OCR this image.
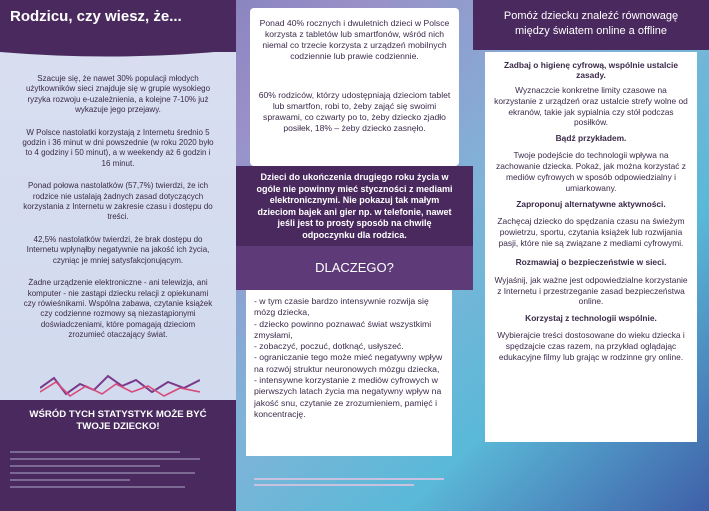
Rodzicu, czy wiesz, że...

Szacuje się, że nawet 30% populacji młodych użytkowników sieci znajduje się w grupie wysokiego ryzyka rozwoju e-uzależnienia, a kolejne 7-10% już wykazuje jego przejawy.

W Polsce nastolatki korzystają z Internetu średnio 5 godzin i 36 minut w dni powszednie (w roku 2020 było to 4 godziny i 50 minut), a w weekendy aż 6 godzin i 16 minut.

Ponad połowa nastolatków (57,7%) twierdzi, że ich rodzice nie ustalają żadnych zasad dotyczących korzystania z Internetu w zakresie czasu i dostępu do treści.

42,5% nastolatków twierdzi, że brak dostępu do Internetu wpłynąłby negatywnie na jakość ich życia, czyniąc je mniej satysfakcjonującym.

Żadne urządzenie elektroniczne - ani telewizja, ani komputer - nie zastąpi dziecku relacji z opiekunami czy rówieśnikami. Wspólna zabawa, czytanie książek czy codzienne rozmowy są niezastąpionymi doświadczeniami, które pomagają dzieciom zrozumieć otaczający świat.

WŚRÓD TYCH STATYSTYK MOŻE BYĆ TWOJE DZIECKO!
Ponad 40% rocznych i dwuletnich dzieci w Polsce korzysta z tabletów lub smartfonów, wśród nich niemal co trzecie korzysta z urządzeń mobilnych codziennie lub prawie codziennie.
60% rodziców, którzy udostępniają dzieciom tablet lub smartfon, robi to, żeby zająć się swoimi sprawami, co czwarty po to, żeby dziecko zjadło posiłek, 18% – żeby dziecko zasnęło.
Dzieci do ukończenia drugiego roku życia w ogóle nie powinny mieć styczności z mediami elektronicznymi. Nie pokazuj tak małym dzieciom bajek ani gier np. w telefonie, nawet jeśli jest to prosty sposób na chwilę odpoczynku dla rodzica.
DLACZEGO?
- w tym czasie bardzo intensywnie rozwija się mózg dziecka,
- dziecko powinno poznawać świat wszystkimi zmysłami,
- zobaczyć, poczuć, dotknąć, usłyszeć.
- ograniczanie tego może mieć negatywny wpływ na rozwój struktur neuronowych mózgu dziecka,
- intensywne korzystanie z mediów cyfrowych w pierwszych latach życia ma negatywny wpływ na jakość snu, czytanie ze zrozumieniem, pamięć i koncentrację.
Pomóż dziecku znaleźć równowagę między światem online a offline
Zadbaj o higienę cyfrową, wspólnie ustalcie zasady.
Wyznaczcie konkretne limity czasowe na korzystanie z urządzeń oraz ustalcie strefy wolne od ekranów, takie jak sypialnia czy stół podczas posiłków.
Bądź przykładem.
Twoje podejście do technologii wpływa na zachowanie dziecka. Pokaż, jak można korzystać z mediów cyfrowych w sposób odpowiedzialny i umiarkowany.
Zaproponuj alternatywne aktywności.
Zachęcaj dziecko do spędzania czasu na świeżym powietrzu, sportu, czytania książek lub rozwijania pasji, które nie są związane z mediami cyfrowymi.
Rozmawiaj o bezpieczeństwie w sieci.
Wyjaśnij, jak ważne jest odpowiedzialne korzystanie z Internetu i przestrzeganie zasad bezpieczeństwa online.
Korzystaj z technologii wspólnie.
Wybierajcie treści dostosowane do wieku dziecka i spędzajcie czas razem, na przykład oglądając edukacyjne filmy lub grając w rodzinne gry online.
